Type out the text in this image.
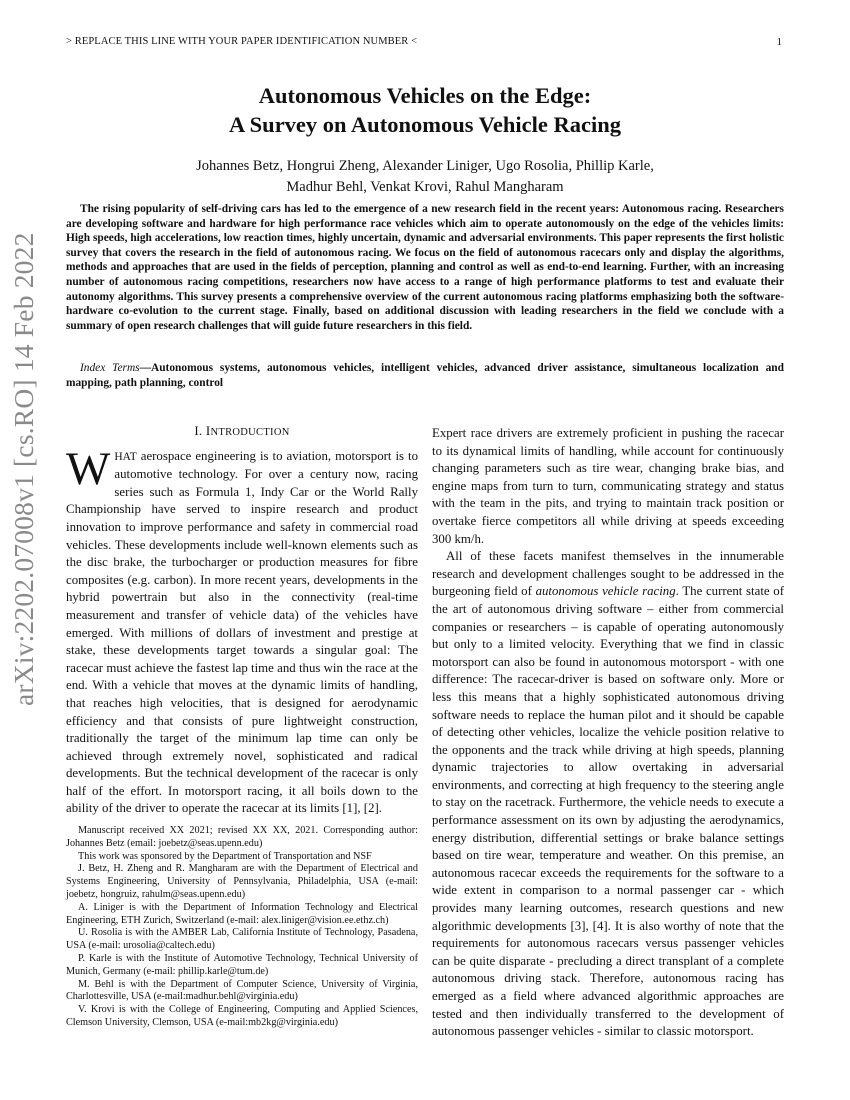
> REPLACE THIS LINE WITH YOUR PAPER IDENTIFICATION NUMBER <	1
arXiv:2202.07008v1 [cs.RO] 14 Feb 2022
Autonomous Vehicles on the Edge:
A Survey on Autonomous Vehicle Racing
Johannes Betz, Hongrui Zheng, Alexander Liniger, Ugo Rosolia, Phillip Karle,
Madhur Behl, Venkat Krovi, Rahul Mangharam
The rising popularity of self-driving cars has led to the emergence of a new research field in the recent years: Autonomous racing. Researchers are developing software and hardware for high performance race vehicles which aim to operate autonomously on the edge of the vehicles limits: High speeds, high accelerations, low reaction times, highly uncertain, dynamic and adversarial environments. This paper represents the first holistic survey that covers the research in the field of autonomous racing. We focus on the field of autonomous racecars only and display the algorithms, methods and approaches that are used in the fields of perception, planning and control as well as end-to-end learning. Further, with an increasing number of autonomous racing competitions, researchers now have access to a range of high performance platforms to test and evaluate their autonomy algorithms. This survey presents a comprehensive overview of the current autonomous racing platforms emphasizing both the software-hardware co-evolution to the current stage. Finally, based on additional discussion with leading researchers in the field we conclude with a summary of open research challenges that will guide future researchers in this field.
Index Terms—Autonomous systems, autonomous vehicles, intelligent vehicles, advanced driver assistance, simultaneous localization and mapping, path planning, control
I. INTRODUCTION

WHAT aerospace engineering is to aviation, motorsport is to automotive technology. For over a century now, racing series such as Formula 1, Indy Car or the World Rally Championship have served to inspire research and product innovation to improve performance and safety in commercial road vehicles. These developments include well-known elements such as the disc brake, the turbocharger or production measures for fibre composites (e.g. carbon). In more recent years, developments in the hybrid powertrain but also in the connectivity (real-time measurement and transfer of vehicle data) of the vehicles have emerged. With millions of dollars of investment and prestige at stake, these developments target towards a singular goal: The racecar must achieve the fastest lap time and thus win the race at the end. With a vehicle that moves at the dynamic limits of handling, that reaches high velocities, that is designed for aerodynamic efficiency and that consists of pure lightweight construction, traditionally the target of the minimum lap time can only be achieved through extremely novel, sophisticated and radical developments. But the technical development of the racecar is only half of the effort. In motorsport racing, it all boils down to the ability of the driver to operate the racecar at its limits [1], [2].

Manuscript received XX 2021; revised XX XX, 2021. Corresponding author: Johannes Betz (email: joebetz@seas.upenn.edu)

This work was sponsored by the Department of Transportation and NSF

J. Betz, H. Zheng and R. Mangharam are with the Department of Electrical and Systems Engineering, University of Pennsylvania, Philadelphia, USA (e-mail: joebetz, hongruiz, rahulm@seas.upenn.edu)

A. Liniger is with the Department of Information Technology and Electrical Engineering, ETH Zurich, Switzerland (e-mail: alex.liniger@vision.ee.ethz.ch)

U. Rosolia is with the AMBER Lab, California Institute of Technology, Pasadena, USA (e-mail: urosolia@caltech.edu)

P. Karle is with the Institute of Automotive Technology, Technical University of Munich, Germany (e-mail: phillip.karle@tum.de)

M. Behl is with the Department of Computer Science, University of Virginia, Charlottesville, USA (e-mail:madhur.behl@virginia.edu)

V. Krovi is with the College of Engineering, Computing and Applied Sciences, Clemson University, Clemson, USA (e-mail:mb2kg@virginia.edu)

Expert race drivers are extremely proficient in pushing the racecar to its dynamical limits of handling, while account for continuously changing parameters such as tire wear, changing brake bias, and engine maps from turn to turn, communicating strategy and status with the team in the pits, and trying to maintain track position or overtake fierce competitors all while driving at speeds exceeding 300 km/h.

All of these facets manifest themselves in the innumerable research and development challenges sought to be addressed in the burgeoning field of autonomous vehicle racing. The current state of the art of autonomous driving software – either from commercial companies or researchers – is capable of operating autonomously but only to a limited velocity. Everything that we find in classic motorsport can also be found in autonomous motorsport - with one difference: The racecar-driver is based on software only. More or less this means that a highly sophisticated autonomous driving software needs to replace the human pilot and it should be capable of detecting other vehicles, localize the vehicle position relative to the opponents and the track while driving at high speeds, planning dynamic trajectories to allow overtaking in adversarial environments, and correcting at high frequency to the steering angle to stay on the racetrack. Furthermore, the vehicle needs to execute a performance assessment on its own by adjusting the aerodynamics, energy distribution, differential settings or brake balance settings based on tire wear, temperature and weather. On this premise, an autonomous racecar exceeds the requirements for the software to a wide extent in comparison to a normal passenger car - which provides many learning outcomes, research questions and new algorithmic developments [3], [4]. It is also worthy of note that the requirements for autonomous racecars versus passenger vehicles can be quite disparate - precluding a direct transplant of a complete autonomous driving stack. Therefore, autonomous racing has emerged as a field where advanced algorithmic approaches are tested and then individually transferred to the development of autonomous passenger vehicles - similar to classic motorsport.
